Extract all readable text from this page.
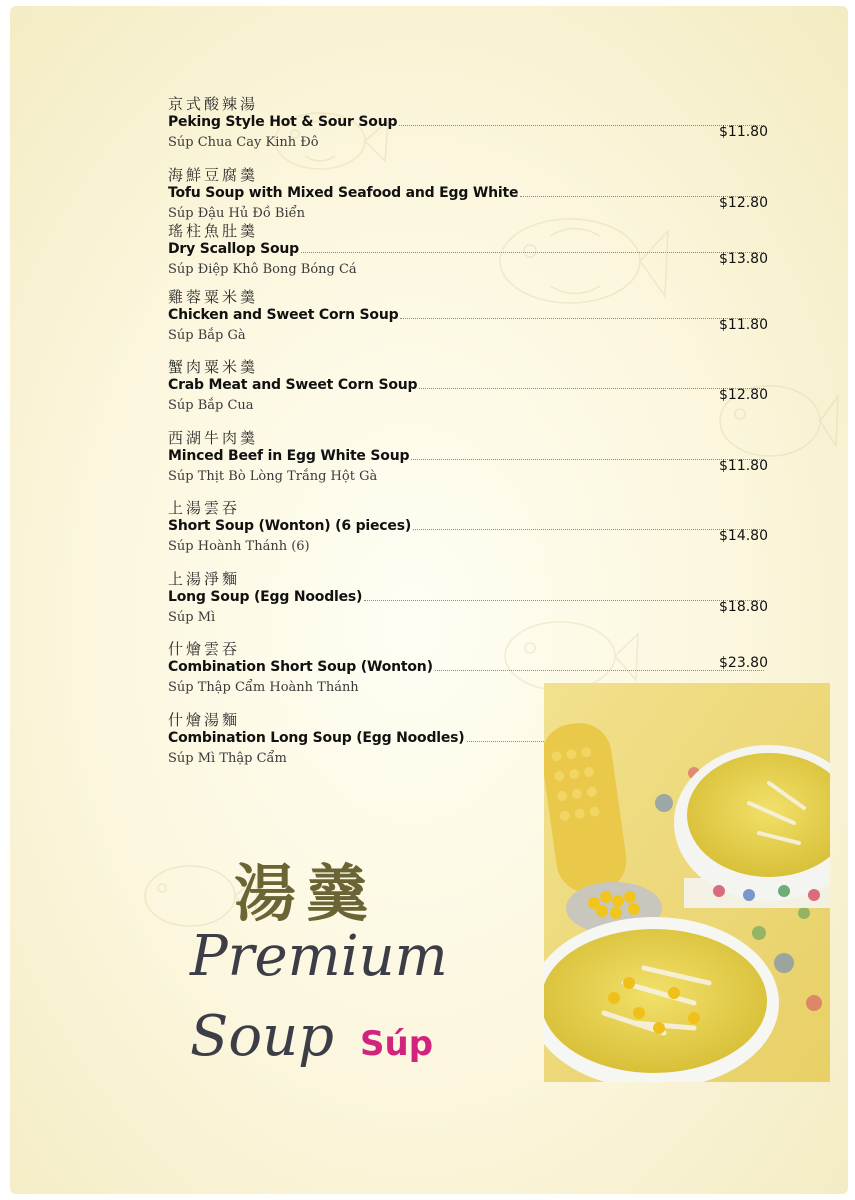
京式酸辣湯
Peking Style Hot & Sour Soup
Súp Chua Cay Kinh Đô
$11.80
海鮮豆腐羹
Tofu Soup with Mixed Seafood and Egg White
Súp Đậu Hủ Đồ Biển
$12.80
瑤柱魚肚羹
Dry Scallop Soup
Súp Điệp Khô Bong Bóng Cá
$13.80
雞蓉粟米羹
Chicken and Sweet Corn Soup
Súp Bắp Gà
$11.80
蟹肉粟米羹
Crab Meat and Sweet Corn Soup
Súp Bắp Cua
$12.80
西湖牛肉羹
Minced Beef in Egg White Soup
Súp Thịt Bò Lòng Trắng Hột Gà
$11.80
上湯雲吞
Short Soup (Wonton) (6 pieces)
Súp Hoành Thánh (6)
$14.80
上湯淨麵
Long Soup (Egg Noodles)
Súp Mì
$18.80
什燴雲吞
Combination Short Soup (Wonton)
Súp Thập Cẩm Hoành Thánh
$23.80
什燴湯麵
Combination Long Soup (Egg Noodles)
Súp Mì Thập Cẩm
湯羹
Premium
Soup Súp
